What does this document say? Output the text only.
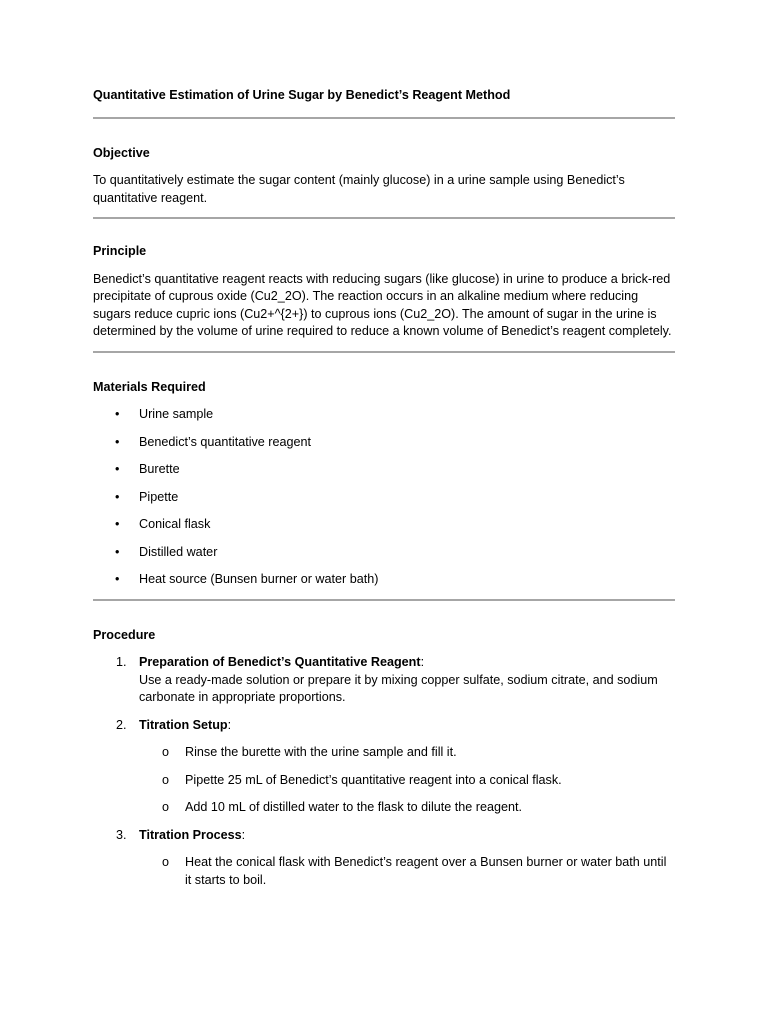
Quantitative Estimation of Urine Sugar by Benedict’s Reagent Method

Objective

To quantitatively estimate the sugar content (mainly glucose) in a urine sample using Benedict’s quantitative reagent.

Principle

Benedict’s quantitative reagent reacts with reducing sugars (like glucose) in urine to produce a brick-red precipitate of cuprous oxide (Cu2_2O). The reaction occurs in an alkaline medium where reducing sugars reduce cupric ions (Cu2+^{2+}) to cuprous ions (Cu2_2O). The amount of sugar in the urine is determined by the volume of urine required to reduce a known volume of Benedict’s reagent completely.

Materials Required

• Urine sample
• Benedict’s quantitative reagent
• Burette
• Pipette
• Conical flask
• Distilled water
• Heat source (Bunsen burner or water bath)

Procedure

1. Preparation of Benedict’s Quantitative Reagent:
Use a ready-made solution or prepare it by mixing copper sulfate, sodium citrate, and sodium carbonate in appropriate proportions.
2. Titration Setup:
o Rinse the burette with the urine sample and fill it.
o Pipette 25 mL of Benedict’s quantitative reagent into a conical flask.
o Add 10 mL of distilled water to the flask to dilute the reagent.
3. Titration Process:
o Heat the conical flask with Benedict’s reagent over a Bunsen burner or water bath until it starts to boil.
